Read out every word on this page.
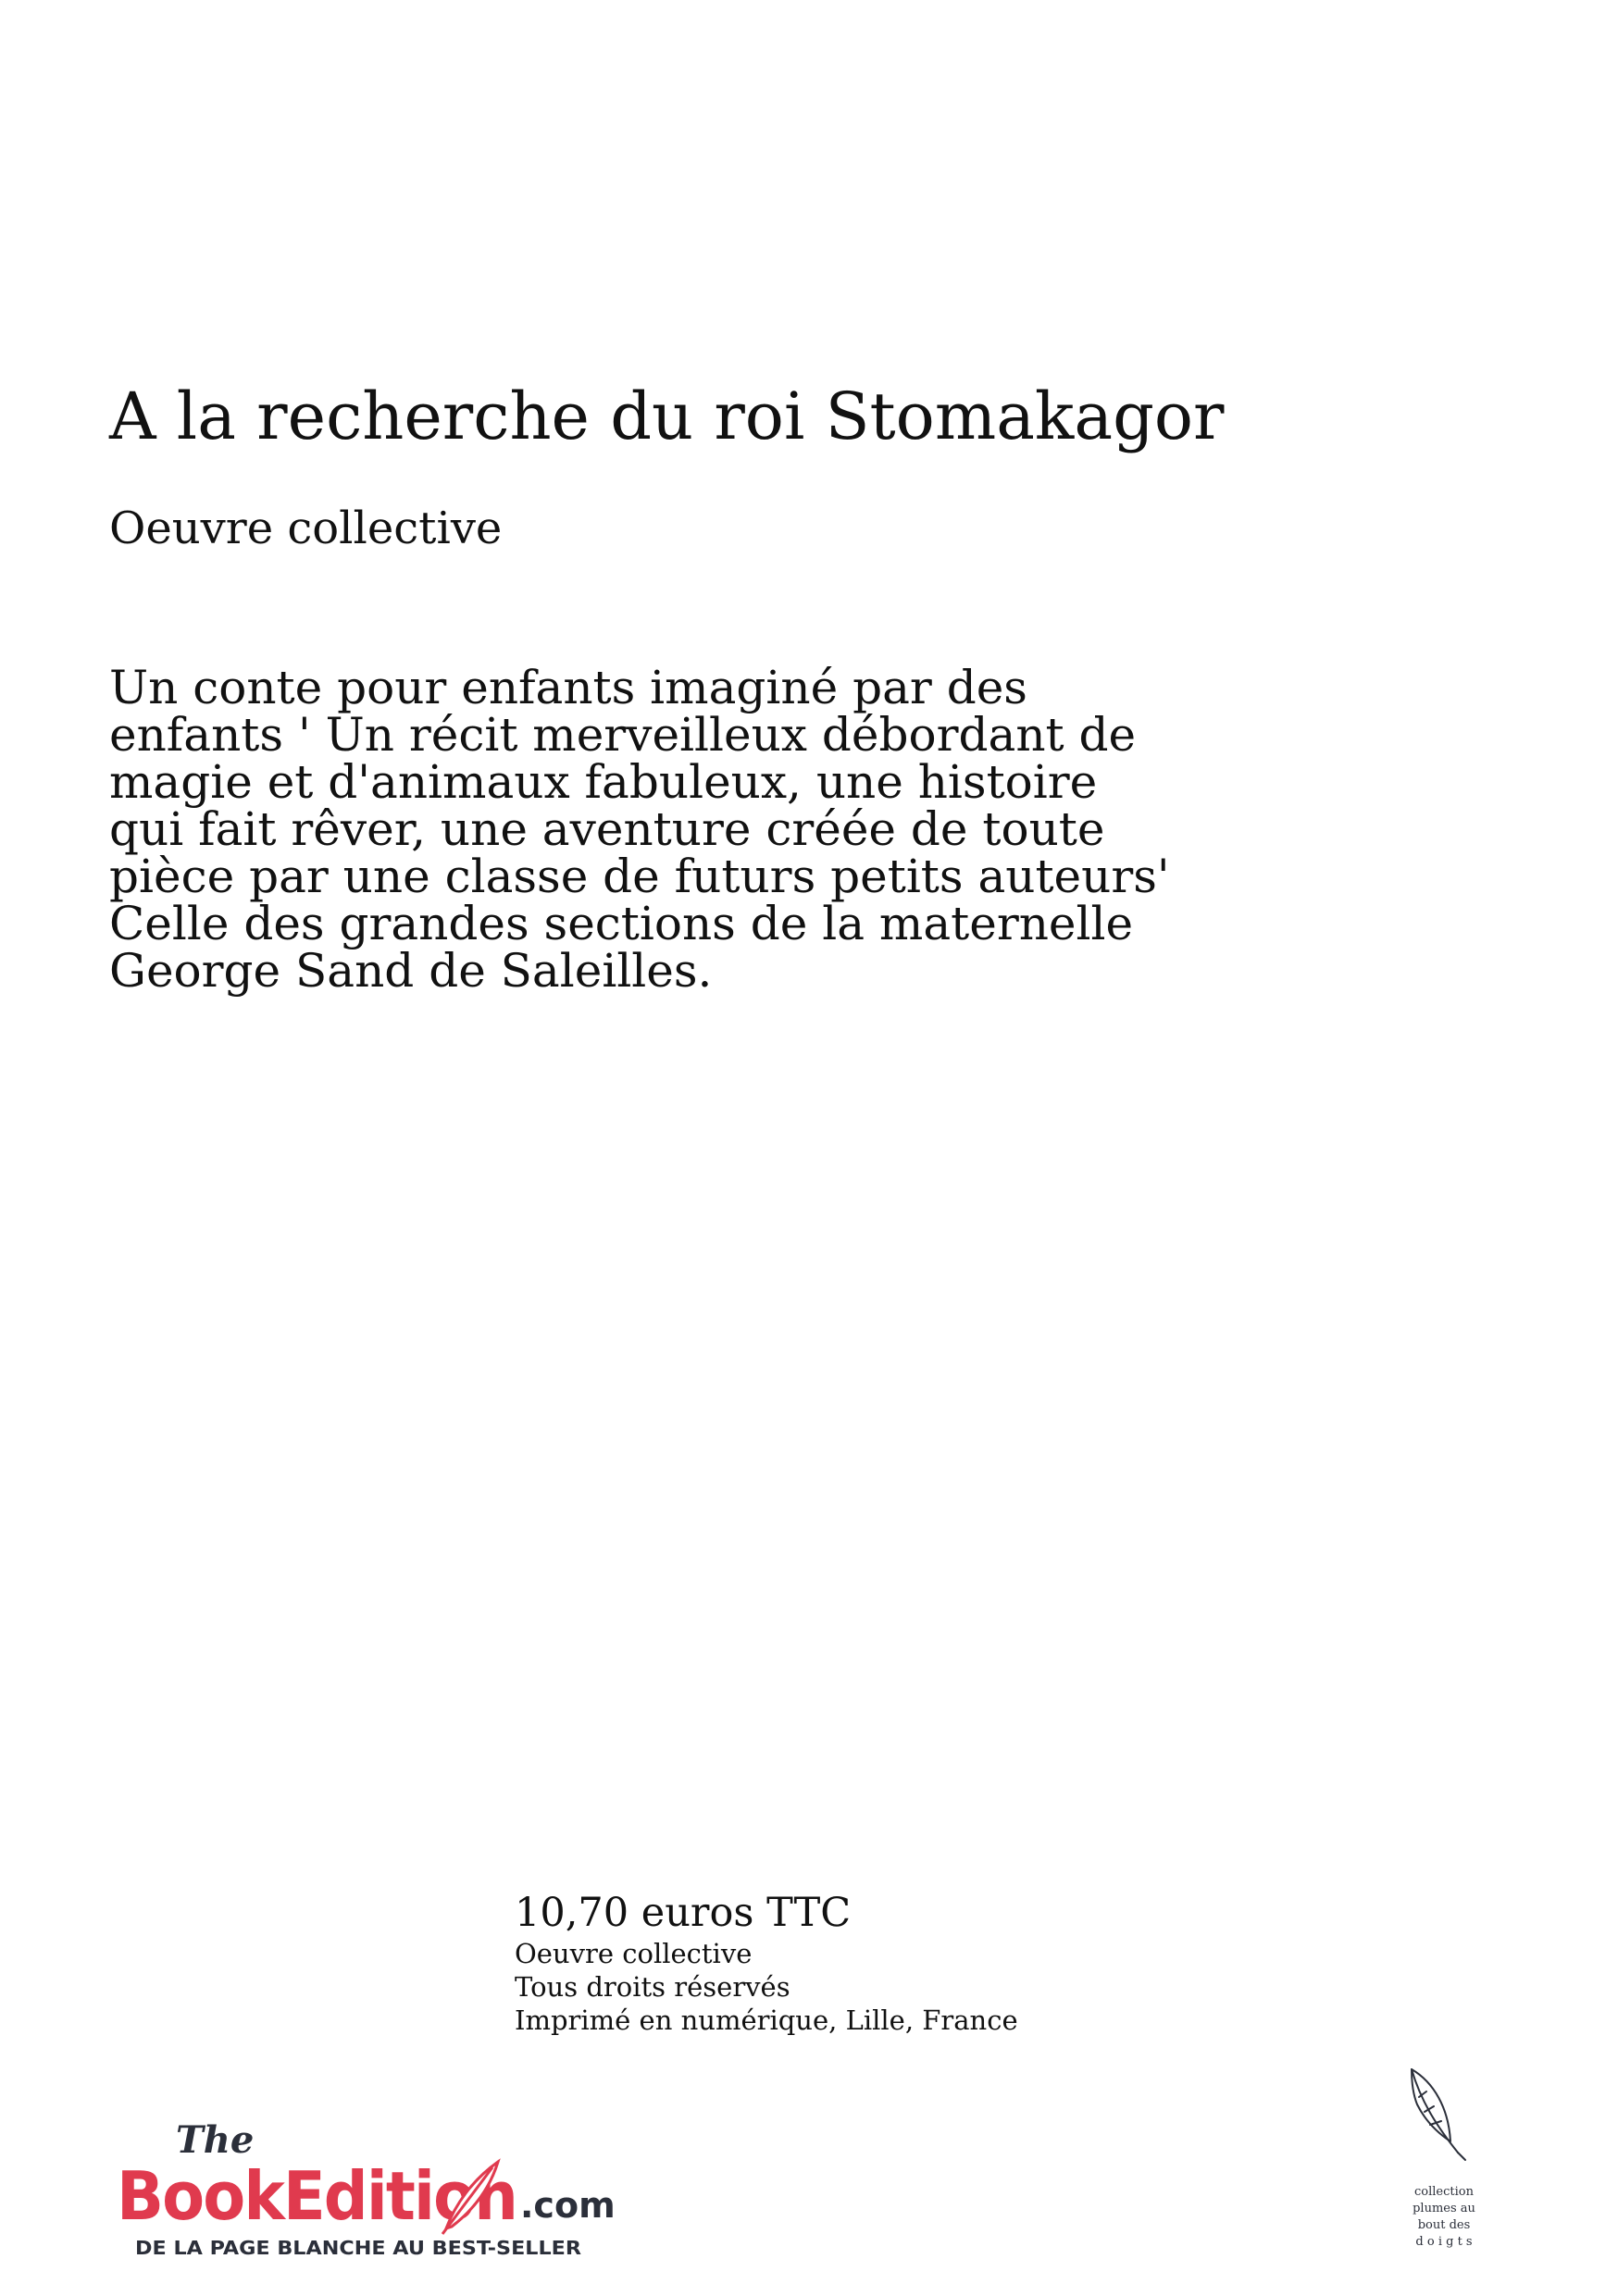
A la recherche du roi Stomakagor
Oeuvre collective

Un conte pour enfants imaginé par des
enfants ' Un récit merveilleux débordant de
magie et d'animaux fabuleux, une histoire
qui fait rêver, une aventure créée de toute
pièce par une classe de futurs petits auteurs'
Celle des grandes sections de la maternelle
George Sand de Saleilles.

10,70 euros TTC
Oeuvre collective
Tous droits réservés
Imprimé en numérique, Lille, France
The
BookEditi	.com
DE LA PAGE BLANCHE AU BEST-SELLER
collection
plumes au
bout des
d o i g t s
